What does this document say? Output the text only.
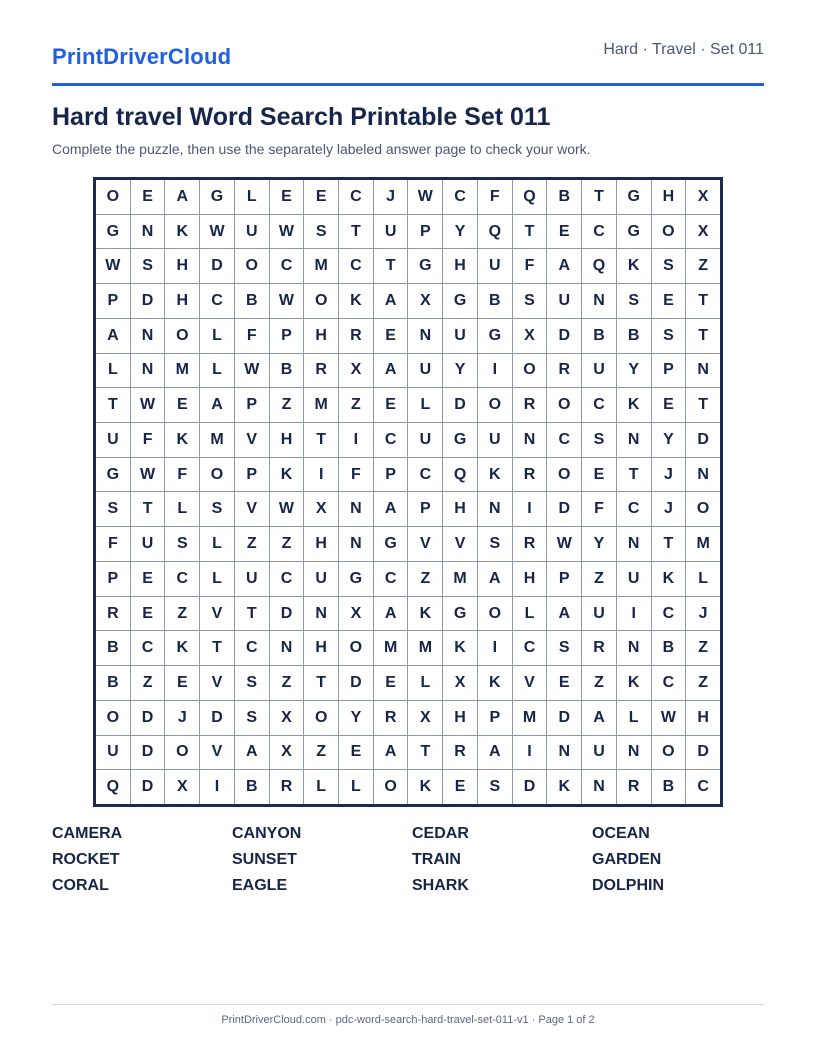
PrintDriverCloud	Hard · Travel · Set 011
Hard travel Word Search Printable Set 011
Complete the puzzle, then use the separately labeled answer page to check your work.
O	E	A	G	L	E	E	C	J	W	C	F	Q	B	T	G	H	X
G	N	K	W	U	W	S	T	U	P	Y	Q	T	E	C	G	O	X
W	S	H	D	O	C	M	C	T	G	H	U	F	A	Q	K	S	Z
P	D	H	C	B	W	O	K	A	X	G	B	S	U	N	S	E	T
A	N	O	L	F	P	H	R	E	N	U	G	X	D	B	B	S	T
L	N	M	L	W	B	R	X	A	U	Y	I	O	R	U	Y	P	N
T	W	E	A	P	Z	M	Z	E	L	D	O	R	O	C	K	E	T
U	F	K	M	V	H	T	I	C	U	G	U	N	C	S	N	Y	D
G	W	F	O	P	K	I	F	P	C	Q	K	R	O	E	T	J	N
S	T	L	S	V	W	X	N	A	P	H	N	I	D	F	C	J	O
F	U	S	L	Z	Z	H	N	G	V	V	S	R	W	Y	N	T	M
P	E	C	L	U	C	U	G	C	Z	M	A	H	P	Z	U	K	L
R	E	Z	V	T	D	N	X	A	K	G	O	L	A	U	I	C	J
B	C	K	T	C	N	H	O	M	M	K	I	C	S	R	N	B	Z
B	Z	E	V	S	Z	T	D	E	L	X	K	V	E	Z	K	C	Z
O	D	J	D	S	X	O	Y	R	X	H	P	M	D	A	L	W	H
U	D	O	V	A	X	Z	E	A	T	R	A	I	N	U	N	O	D
Q	D	X	I	B	R	L	L	O	K	E	S	D	K	N	R	B	C
CAMERA	CANYON	CEDAR	OCEAN
ROCKET	SUNSET	TRAIN	GARDEN
CORAL	EAGLE	SHARK	DOLPHIN
PrintDriverCloud.com · pdc-word-search-hard-travel-set-011-v1 · Page 1 of 2
